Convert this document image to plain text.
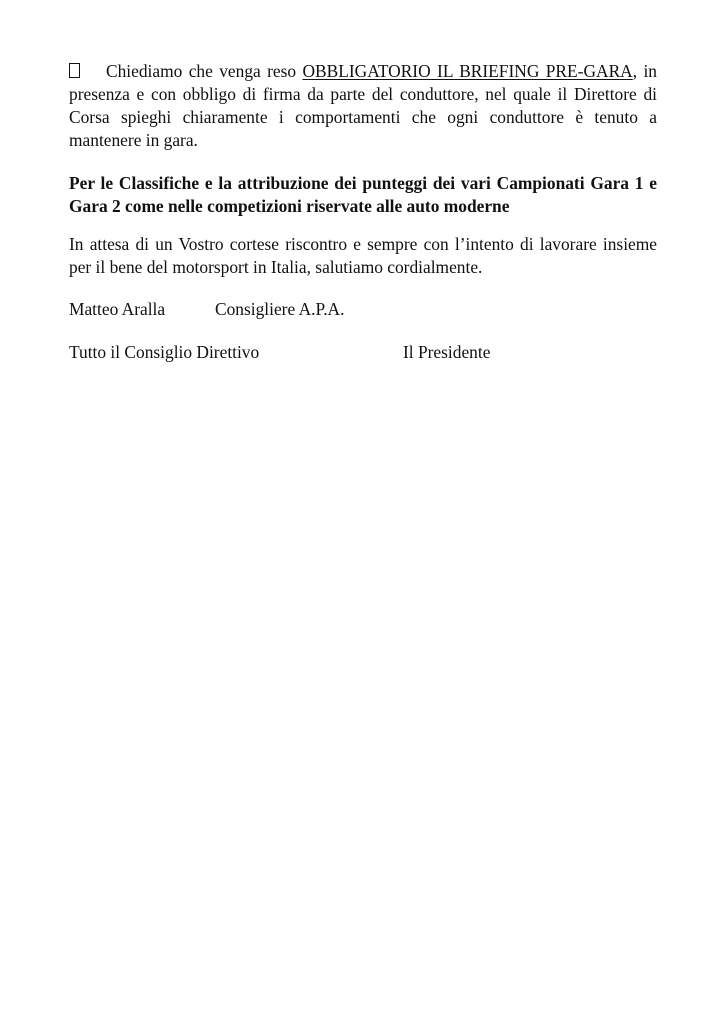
Chiediamo che venga reso OBBLIGATORIO IL BRIEFING PRE-GARA, in presenza e con obbligo di firma da parte del conduttore, nel quale il Direttore di Corsa spieghi chiaramente i comportamenti che ogni conduttore è tenuto a mantenere in gara.

Per le Classifiche e la attribuzione dei punteggi dei vari Campionati Gara 1 e Gara 2 come nelle competizioni riservate alle auto moderne

In attesa di un Vostro cortese riscontro e sempre con l’intento di lavorare insieme per il bene del motorsport in Italia, salutiamo cordialmente.

Matteo Aralla	Consigliere A.P.A.
Tutto il Consiglio Direttivo	Il Presidente
